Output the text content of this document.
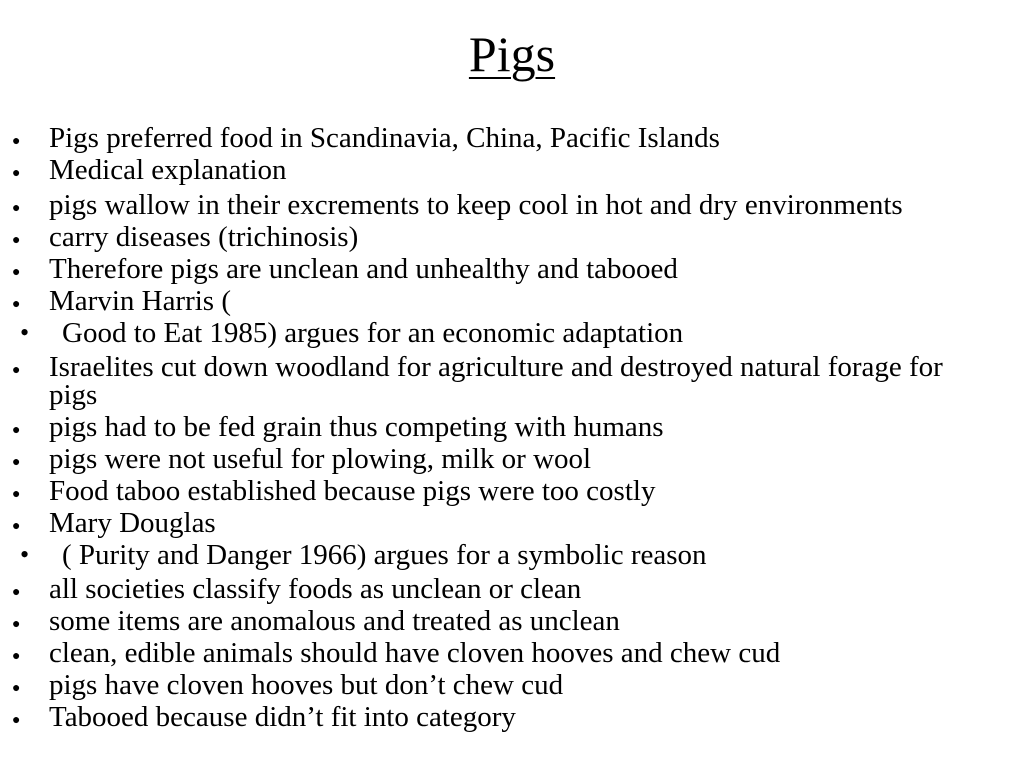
Pigs
● Pigs preferred food in Scandinavia, China, Pacific Islands
● Medical explanation
● pigs wallow in their excrements to keep cool in hot and dry environments
● carry diseases (trichinosis)
● Therefore pigs are unclean and unhealthy and tabooed
● Marvin Harris (
• Good to Eat 1985) argues for an economic adaptation
● Israelites cut down woodland for agriculture and destroyed natural forage for pigs
● pigs had to be fed grain thus competing with humans
● pigs were not useful for plowing, milk or wool
● Food taboo established because pigs were too costly
● Mary Douglas
• ( Purity and Danger 1966) argues for a symbolic reason
● all societies classify foods as unclean or clean
● some items are anomalous and treated as unclean
● clean, edible animals should have cloven hooves and chew cud
● pigs have cloven hooves but don’t chew cud
● Tabooed because didn’t fit into category
